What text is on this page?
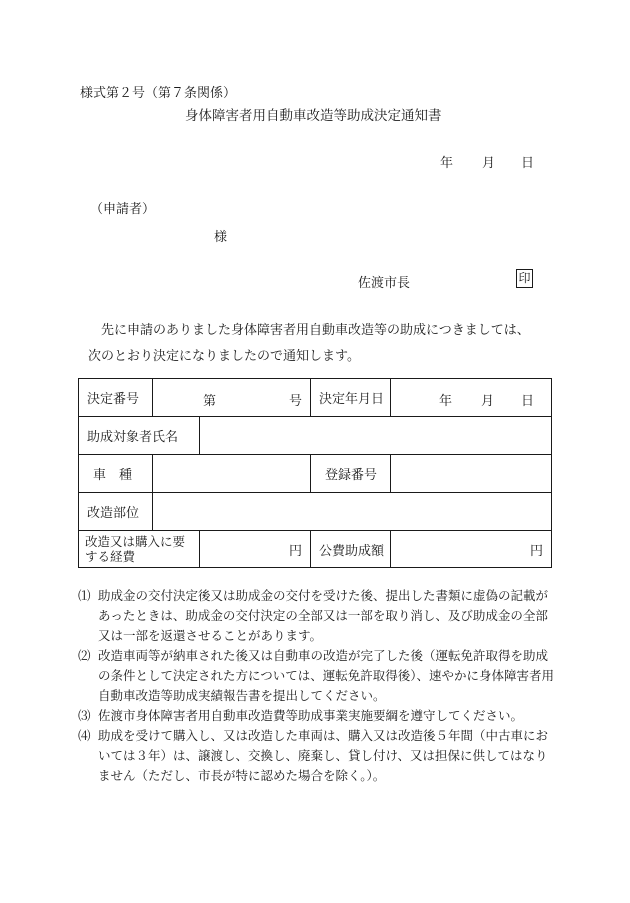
様式第２号（第７条関係）
身体障害者用自動車改造等助成決定通知書
年 月 日
（申請者）
様
佐渡市長	印
先に申請のありました身体障害者用自動車改造等の助成につきましては、
次のとおり決定になりましたので通知します。
決定番号	第 号		決定年月日	年 月 日

助成対象者氏名				
車　種			登録番号	
改造部位				
改造又は購入に要する経費		円	公費助成額	円
⑴ 助成金の交付決定後又は助成金の交付を受けた後、提出した書類に虚偽の記載があったときは、助成金の交付決定の全部又は一部を取り消し、及び助成金の全部又は一部を返還させることがあります。
⑵ 改造車両等が納車された後又は自動車の改造が完了した後（運転免許取得を助成の条件として決定された方については、運転免許取得後）、速やかに身体障害者用自動車改造等助成実績報告書を提出してください。
⑶ 佐渡市身体障害者用自動車改造費等助成事業実施要綱を遵守してください。
⑷ 助成を受けて購入し、又は改造した車両は、購入又は改造後５年間（中古車においては３年）は、譲渡し、交換し、廃棄し、貸し付け、又は担保に供してはなりません（ただし、市長が特に認めた場合を除く。）。
